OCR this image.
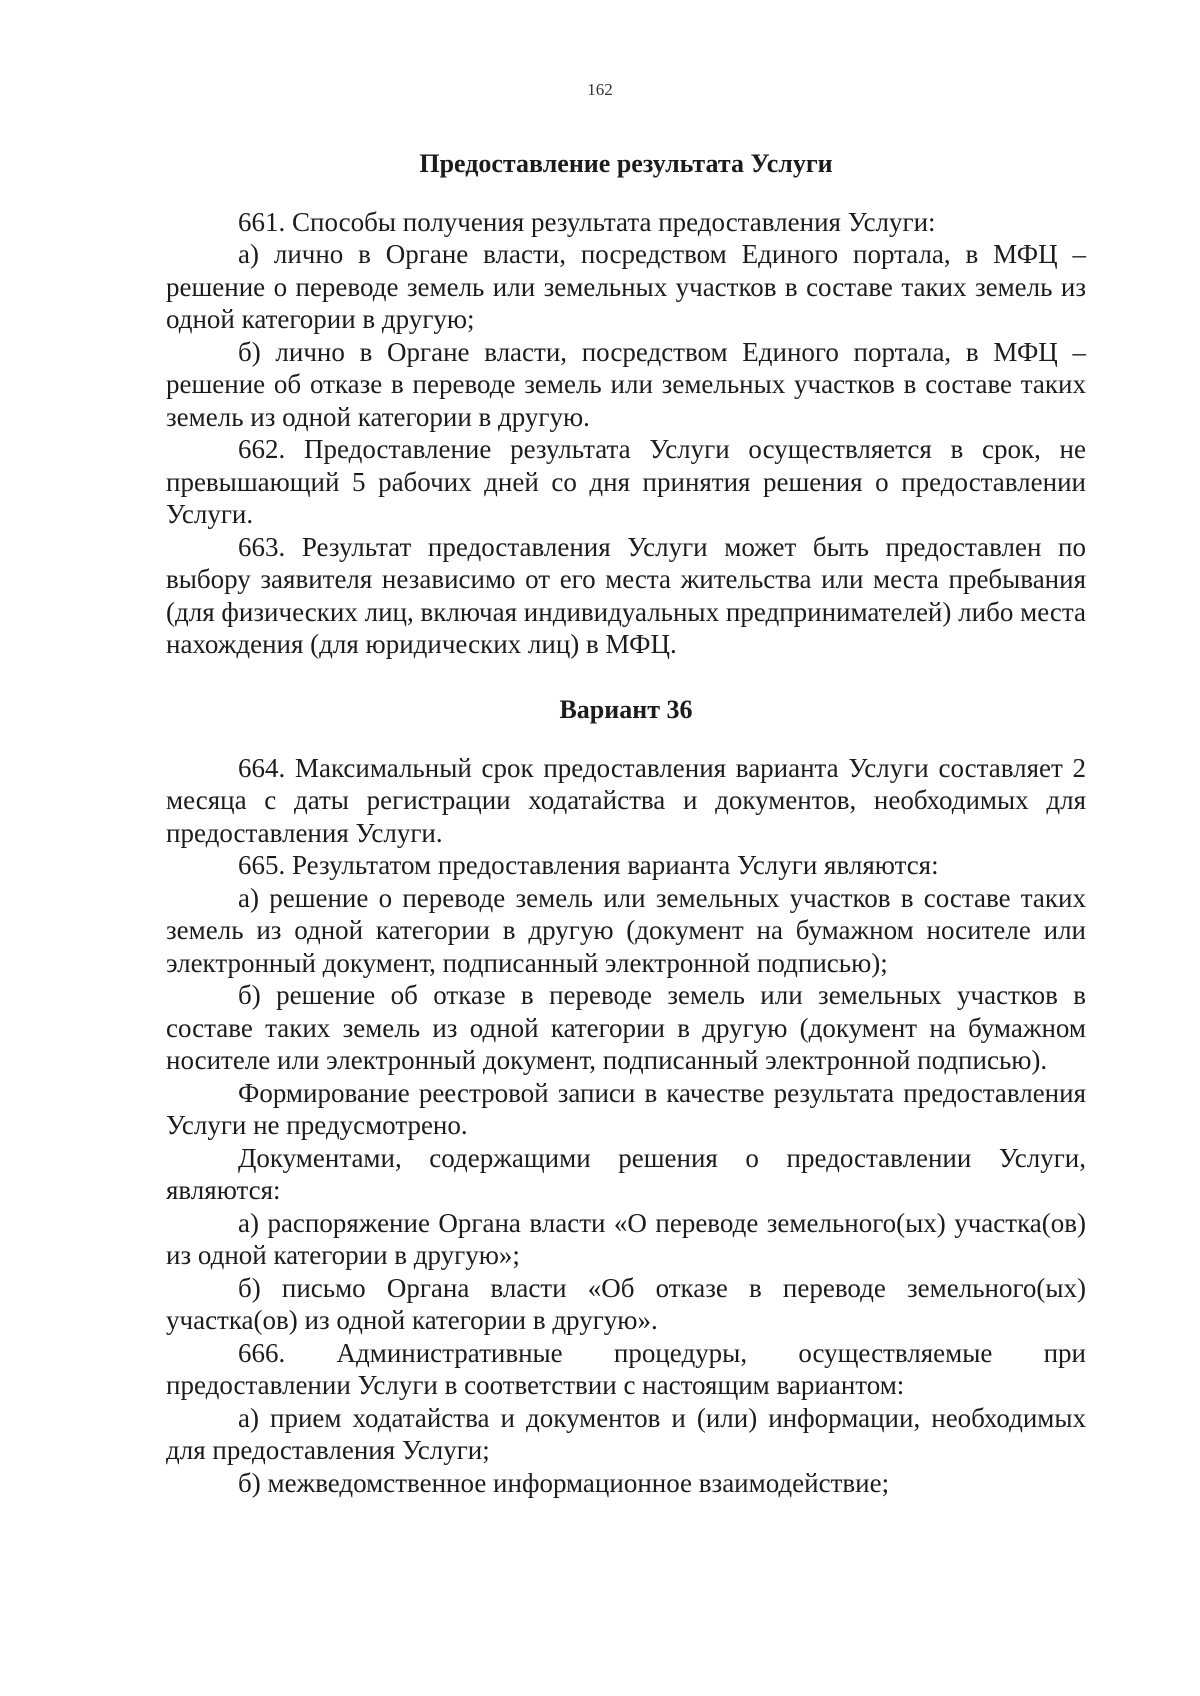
162
Предоставление результата Услуги

661. Способы получения результата предоставления Услуги:

а) лично в Органе власти, посредством Единого портала, в МФЦ – решение о переводе земель или земельных участков в составе таких земель из одной категории в другую;

б) лично в Органе власти, посредством Единого портала, в МФЦ – решение об отказе в переводе земель или земельных участков в составе таких земель из одной категории в другую.

662. Предоставление результата Услуги осуществляется в срок, не превышающий 5 рабочих дней со дня принятия решения о предоставлении Услуги.

663. Результат предоставления Услуги может быть предоставлен по выбору заявителя независимо от его места жительства или места пребывания (для физических лиц, включая индивидуальных предпринимателей) либо места нахождения (для юридических лиц) в МФЦ.

Вариант 36

664. Максимальный срок предоставления варианта Услуги составляет 2 месяца с даты регистрации ходатайства и документов, необходимых для предоставления Услуги.

665. Результатом предоставления варианта Услуги являются:

а) решение о переводе земель или земельных участков в составе таких земель из одной категории в другую (документ на бумажном носителе или электронный документ, подписанный электронной подписью);

б) решение об отказе в переводе земель или земельных участков в составе таких земель из одной категории в другую (документ на бумажном носителе или электронный документ, подписанный электронной подписью).

Формирование реестровой записи в качестве результата предоставления Услуги не предусмотрено.

Документами, содержащими решения о предоставлении Услуги, являются:

а) распоряжение Органа власти «О переводе земельного(ых) участка(ов) из одной категории в другую»;

б) письмо Органа власти «Об отказе в переводе земельного(ых) участка(ов) из одной категории в другую».

666. Административные процедуры, осуществляемые при предоставлении Услуги в соответствии с настоящим вариантом:

а) прием ходатайства и документов и (или) информации, необходимых для предоставления Услуги;

б) межведомственное информационное взаимодействие;
